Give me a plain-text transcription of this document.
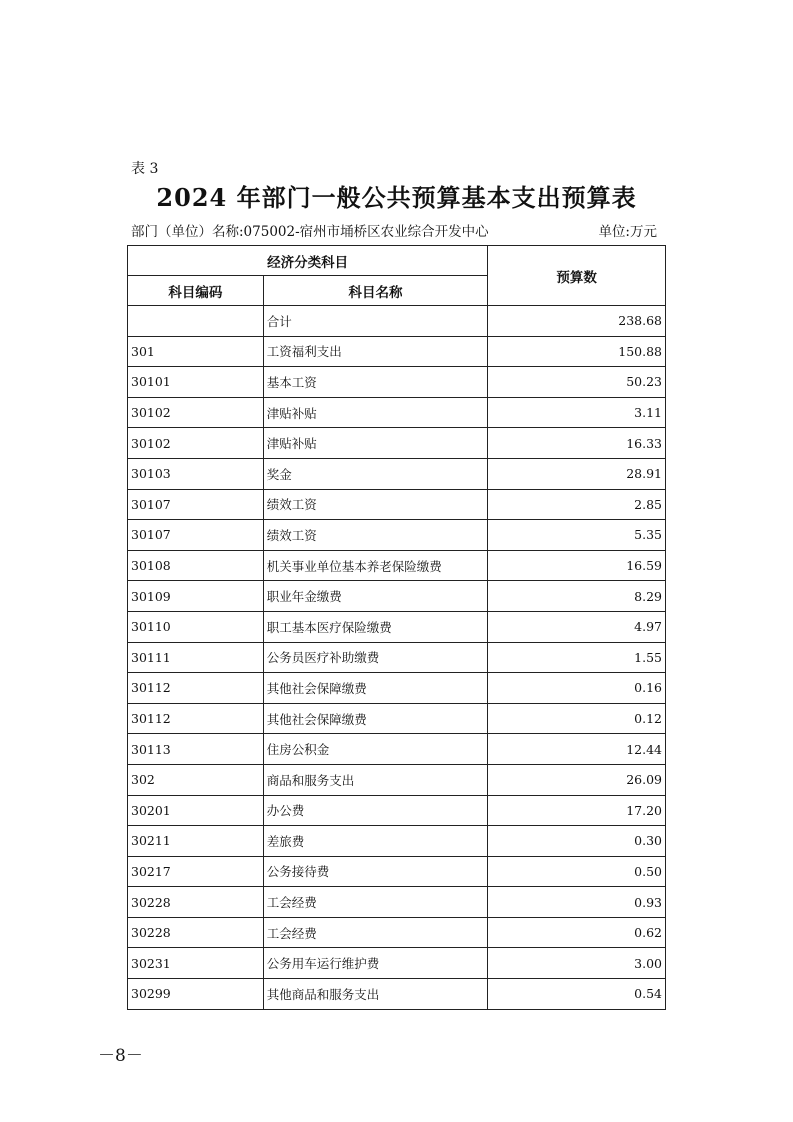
表 3
2024 年部门一般公共预算基本支出预算表
部门（单位）名称:075002-宿州市埇桥区农业综合开发中心	单位:万元
经济分类科目		预算数
科目编码	科目名称	
	合计	238.68
301	工资福利支出	150.88
30101	基本工资	50.23
30102	津贴补贴	3.11
30102	津贴补贴	16.33
30103	奖金	28.91
30107	绩效工资	2.85
30107	绩效工资	5.35
30108	机关事业单位基本养老保险缴费	16.59
30109	职业年金缴费	8.29
30110	职工基本医疗保险缴费	4.97
30111	公务员医疗补助缴费	1.55
30112	其他社会保障缴费	0.16
30112	其他社会保障缴费	0.12
30113	住房公积金	12.44
302	商品和服务支出	26.09
30201	办公费	17.20
30211	差旅费	0.30
30217	公务接待费	0.50
30228	工会经费	0.93
30228	工会经费	0.62
30231	公务用车运行维护费	3.00
30299	其他商品和服务支出	0.54
－8－
